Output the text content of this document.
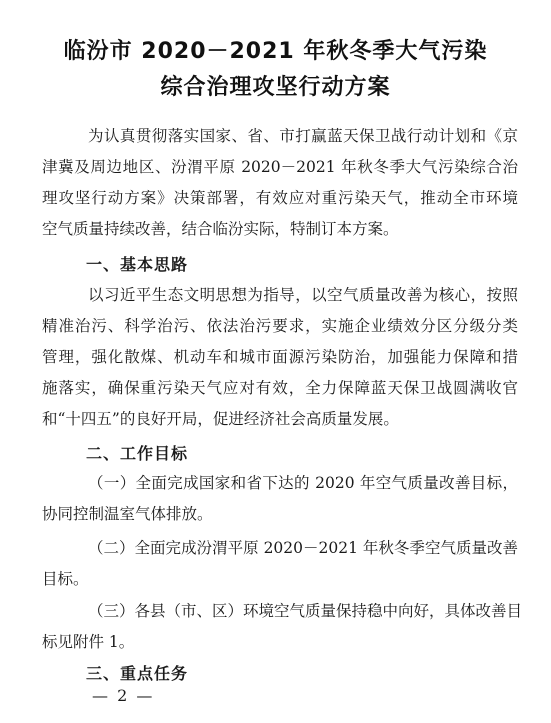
临汾市 2020－2021 年秋冬季大气污染
综合治理攻坚行动方案
为认真贯彻落实国家、省、市打赢蓝天保卫战行动计划和《京
津冀及周边地区、汾渭平原 2020－2021 年秋冬季大气污染综合治
理攻坚行动方案》决策部署，有效应对重污染天气，推动全市环境
空气质量持续改善，结合临汾实际，特制订本方案。
一、基本思路
以习近平生态文明思想为指导，以空气质量改善为核心，按照
精准治污、科学治污、依法治污要求，实施企业绩效分区分级分类
管理，强化散煤、机动车和城市面源污染防治，加强能力保障和措
施落实，确保重污染天气应对有效，全力保障蓝天保卫战圆满收官
和“十四五”的良好开局，促进经济社会高质量发展。
二、工作目标
（一）全面完成国家和省下达的 2020 年空气质量改善目标，
协同控制温室气体排放。
（二）全面完成汾渭平原 2020－2021 年秋冬季空气质量改善
目标。
（三）各县（市、区）环境空气质量保持稳中向好，具体改善目
标见附件 1。
三、重点任务
— 2 —
